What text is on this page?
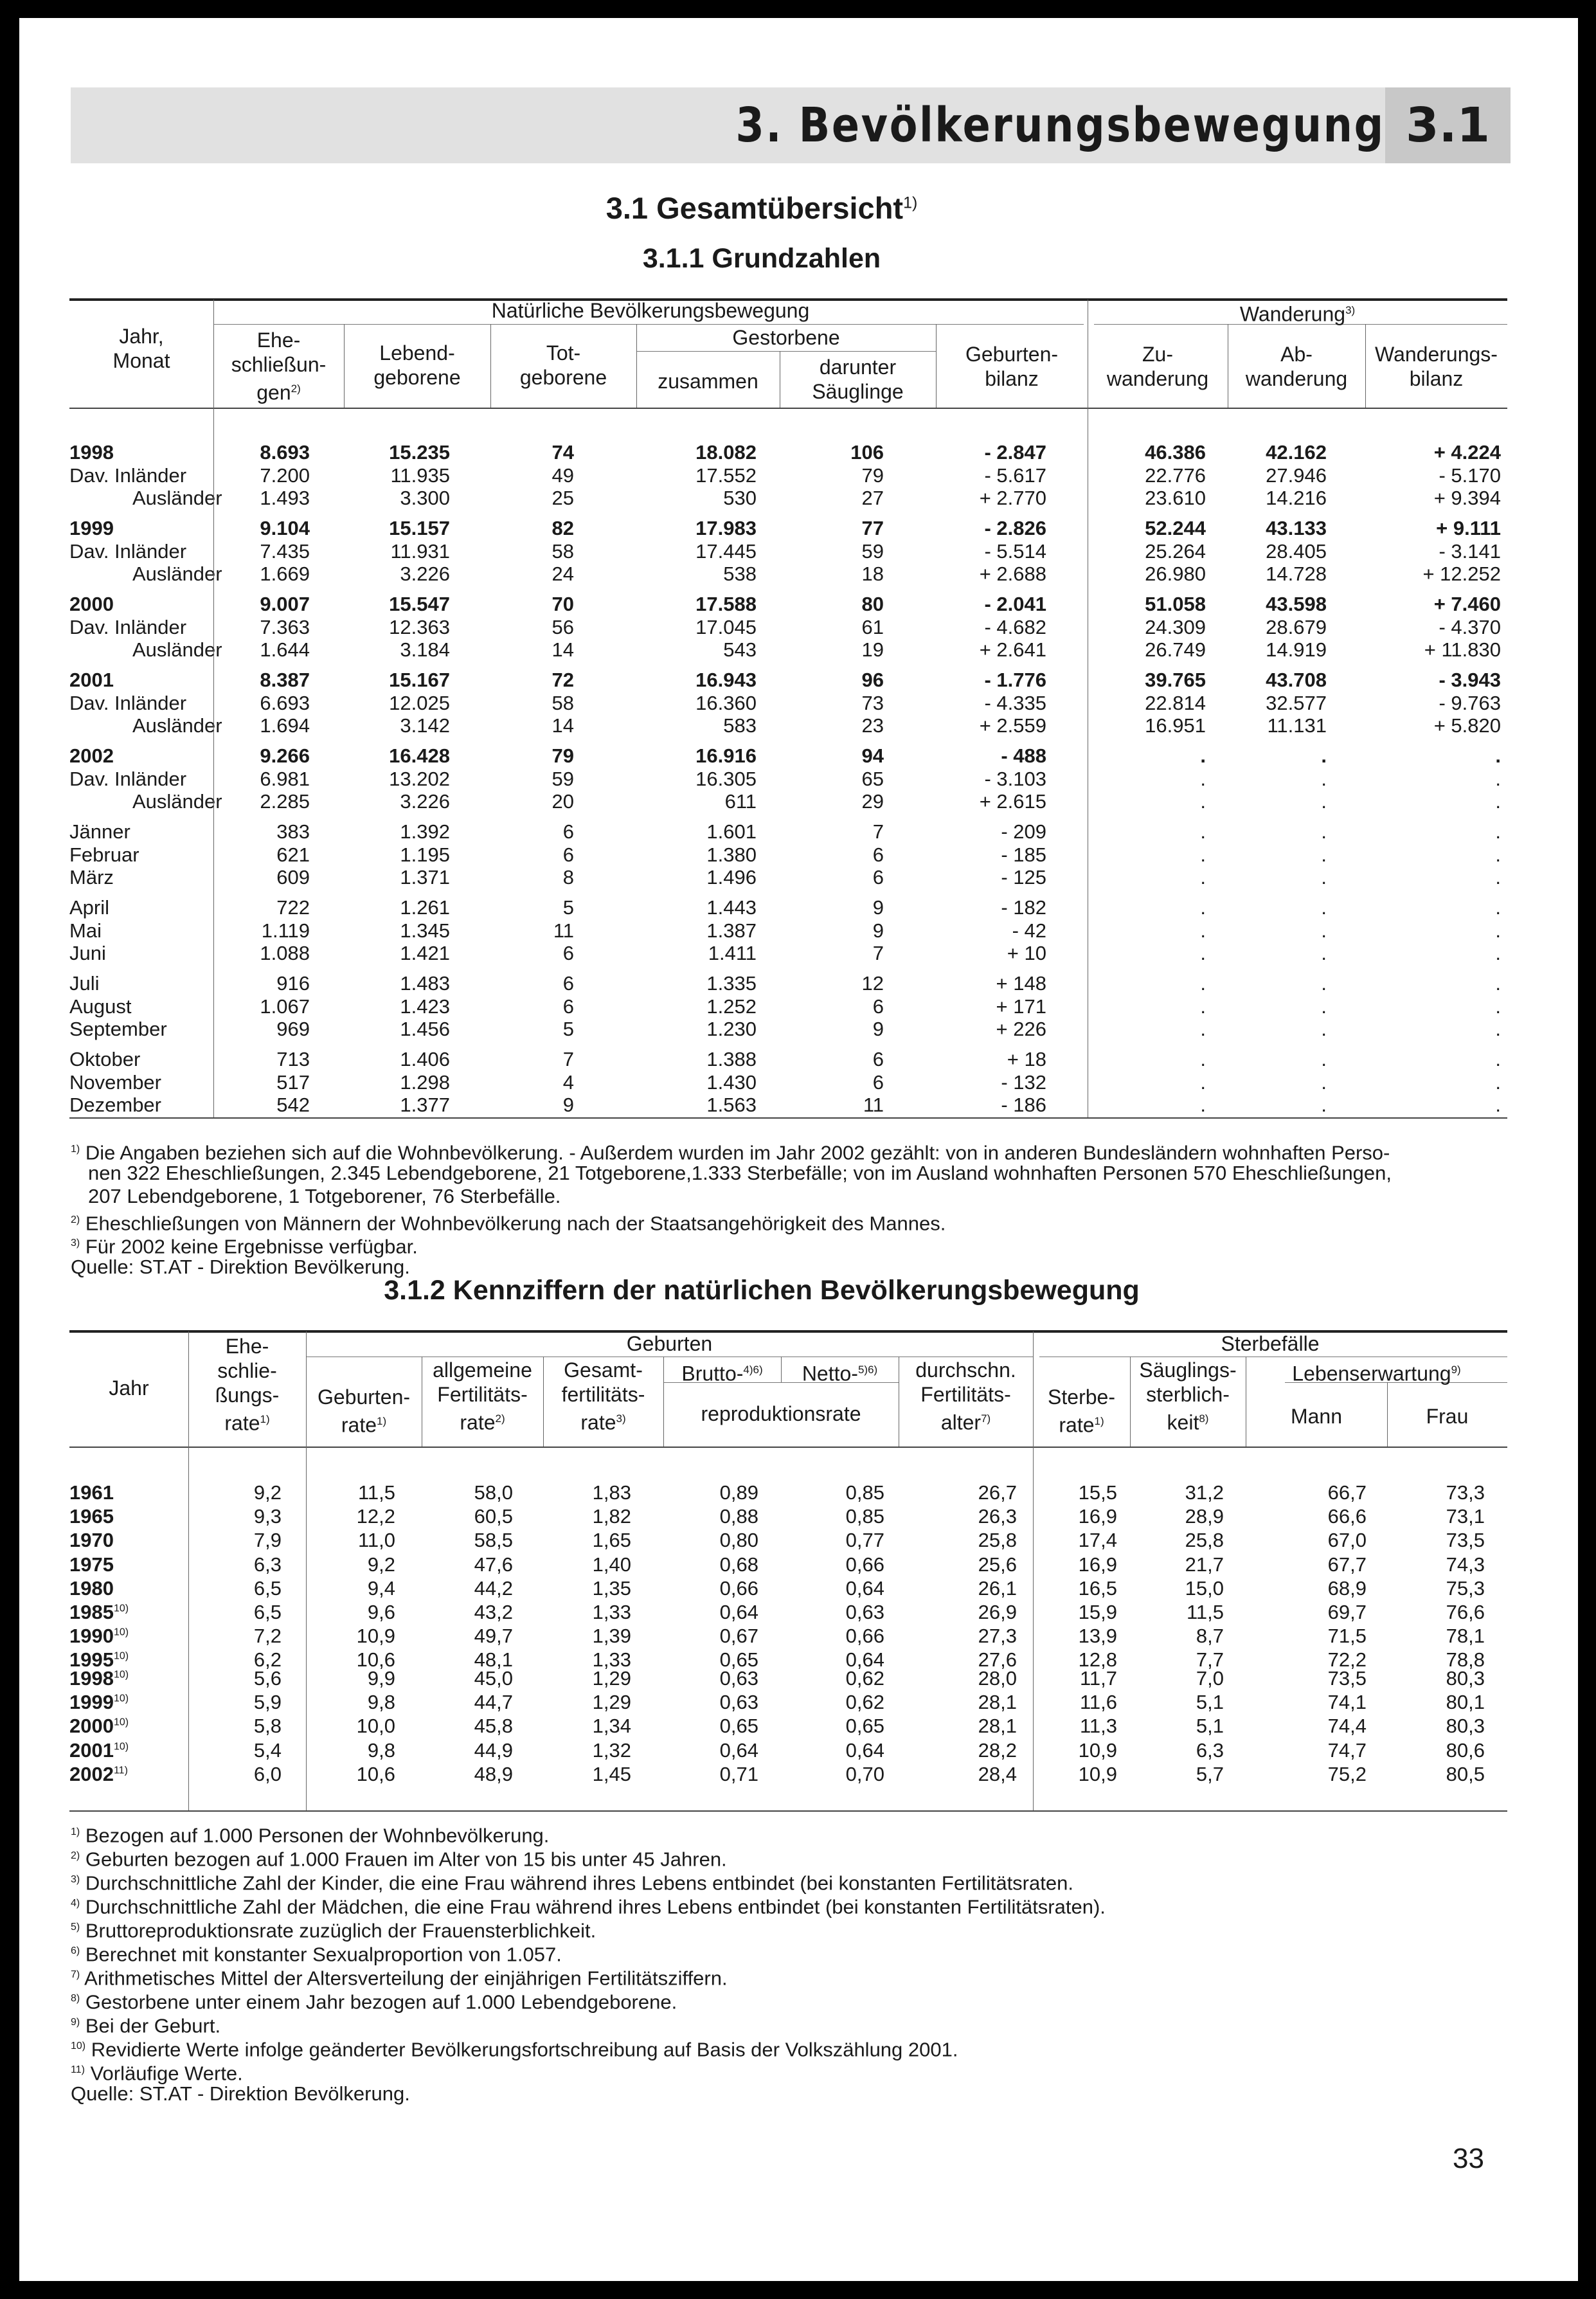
3. Bevölkerungsbewegung 3.1
3.1 Gesamtübersicht$^{1)}$
3.1.1 Grundzahlen
Jahr,
Monat
Natürliche Bevölkerungsbewegung	Wanderung$^{3)}$
Ehe-
schließun-
gen$^{2)}$
Lebend-
geborene
Tot-
geborene
Gestorbene
zusammen
darunter
Säuglinge
Geburten-
bilanz
Zu-
wanderung
Ab-
wanderung
Wanderungs-
bilanz
1998	8.693	15.235	74	18.082	106	- 2.847	46.386	42.162	+ 4.224
Dav. Inländer	7.200	11.935	49	17.552	79	- 5.617	22.776	27.946	- 5.170
Ausländer	1.493	3.300	25	530	27	+ 2.770	23.610	14.216	+ 9.394
1999	9.104	15.157	82	17.983	77	- 2.826	52.244	43.133	+ 9.111
Dav. Inländer	7.435	11.931	58	17.445	59	- 5.514	25.264	28.405	- 3.141
Ausländer	1.669	3.226	24	538	18	+ 2.688	26.980	14.728	+ 12.252
2000	9.007	15.547	70	17.588	80	- 2.041	51.058	43.598	+ 7.460
Dav. Inländer	7.363	12.363	56	17.045	61	- 4.682	24.309	28.679	- 4.370
Ausländer	1.644	3.184	14	543	19	+ 2.641	26.749	14.919	+ 11.830
2001	8.387	15.167	72	16.943	96	- 1.776	39.765	43.708	- 3.943
Dav. Inländer	6.693	12.025	58	16.360	73	- 4.335	22.814	32.577	- 9.763
Ausländer	1.694	3.142	14	583	23	+ 2.559	16.951	11.131	+ 5.820
2002	9.266	16.428	79	16.916	94	- 488	.	.	.
Dav. Inländer	6.981	13.202	59	16.305	65	- 3.103	.	.	.
Ausländer	2.285	3.226	20	611	29	+ 2.615	.	.	.
Jänner	383	1.392	6	1.601	7	- 209	.	.	.
Februar	621	1.195	6	1.380	6	- 185	.	.	.
März	609	1.371	8	1.496	6	- 125	.	.	.
April	722	1.261	5	1.443	9	- 182	.	.	.
Mai	1.119	1.345	11	1.387	9	- 42	.	.	.
Juni	1.088	1.421	6	1.411	7	+ 10	.	.	.
Juli	916	1.483	6	1.335	12	+ 148	.	.	.
August	1.067	1.423	6	1.252	6	+ 171	.	.	.
September	969	1.456	5	1.230	9	+ 226	.	.	.
Oktober	713	1.406	7	1.388	6	+ 18	.	.	.
November	517	1.298	4	1.430	6	- 132	.	.	.
Dezember	542	1.377	9	1.563	11	- 186	.	.	.
$^{1)}$ Die Angaben beziehen sich auf die Wohnbevölkerung. - Außerdem wurden im Jahr 2002 gezählt: von in anderen Bundesländern wohnhaften Perso-
nen 322 Eheschließungen, 2.345 Lebendgeborene, 21 Totgeborene,1.333 Sterbefälle; von im Ausland wohnhaften Personen 570 Eheschließungen,
207 Lebendgeborene, 1 Totgeborener, 76 Sterbefälle.
$^{2)}$ Eheschließungen von Männern der Wohnbevölkerung nach der Staatsangehörigkeit des Mannes.
$^{3)}$ Für 2002 keine Ergebnisse verfügbar.
Quelle: ST.AT - Direktion Bevölkerung.
3.1.2 Kennziffern der natürlichen Bevölkerungsbewegung
Jahr
Ehe-
schlie-
ßungs-
rate$^{1)}$
Geburten	Sterbefälle
Geburten-
rate$^{1)}$
allgemeine
Fertilitäts-
rate$^{2)}$
Gesamt-
fertilitäts-
rate$^{3)}$
Brutto-$^{4)6)}$	Netto-$^{5)6)}$
reproduktionsrate
durchschn.
Fertilitäts-
alter$^{7)}$
Sterbe-
rate$^{1)}$
Säuglings-
sterblich-
keit$^{8)}$
Lebenserwartung$^{9)}$
Mann	Frau
1961	9,2	11,5	58,0	1,83	0,89	0,85	26,7	15,5	31,2	66,7	73,3
1965	9,3	12,2	60,5	1,82	0,88	0,85	26,3	16,9	28,9	66,6	73,1
1970	7,9	11,0	58,5	1,65	0,80	0,77	25,8	17,4	25,8	67,0	73,5
1975	6,3	9,2	47,6	1,40	0,68	0,66	25,6	16,9	21,7	67,7	74,3
1980	6,5	9,4	44,2	1,35	0,66	0,64	26,1	16,5	15,0	68,9	75,3
1985$^{10)}$	6,5	9,6	43,2	1,33	0,64	0,63	26,9	15,9	11,5	69,7	76,6
1990$^{10)}$	7,2	10,9	49,7	1,39	0,67	0,66	27,3	13,9	8,7	71,5	78,1
1995$^{10)}$	6,2	10,6	48,1	1,33	0,65	0,64	27,6	12,8	7,7	72,2	78,8
1998$^{10)}$	5,6	9,9	45,0	1,29	0,63	0,62	28,0	11,7	7,0	73,5	80,3
1999$^{10)}$	5,9	9,8	44,7	1,29	0,63	0,62	28,1	11,6	5,1	74,1	80,1
2000$^{10)}$	5,8	10,0	45,8	1,34	0,65	0,65	28,1	11,3	5,1	74,4	80,3
2001$^{10)}$	5,4	9,8	44,9	1,32	0,64	0,64	28,2	10,9	6,3	74,7	80,6
2002$^{11)}$	6,0	10,6	48,9	1,45	0,71	0,70	28,4	10,9	5,7	75,2	80,5
$^{1)}$ Bezogen auf 1.000 Personen der Wohnbevölkerung.
$^{2)}$ Geburten bezogen auf 1.000 Frauen im Alter von 15 bis unter 45 Jahren.
$^{3)}$ Durchschnittliche Zahl der Kinder, die eine Frau während ihres Lebens entbindet (bei konstanten Fertilitätsraten.
$^{4)}$ Durchschnittliche Zahl der Mädchen, die eine Frau während ihres Lebens entbindet (bei konstanten Fertilitätsraten).
$^{5)}$ Bruttoreproduktionsrate zuzüglich der Frauensterblichkeit.
$^{6)}$ Berechnet mit konstanter Sexualproportion von 1.057.
$^{7)}$ Arithmetisches Mittel der Altersverteilung der einjährigen Fertilitätsziffern.
$^{8)}$ Gestorbene unter einem Jahr bezogen auf 1.000 Lebendgeborene.
$^{9)}$ Bei der Geburt.
$^{10)}$ Revidierte Werte infolge geänderter Bevölkerungsfortschreibung auf Basis der Volkszählung 2001.
$^{11)}$ Vorläufige Werte.
Quelle: ST.AT - Direktion Bevölkerung.
33
